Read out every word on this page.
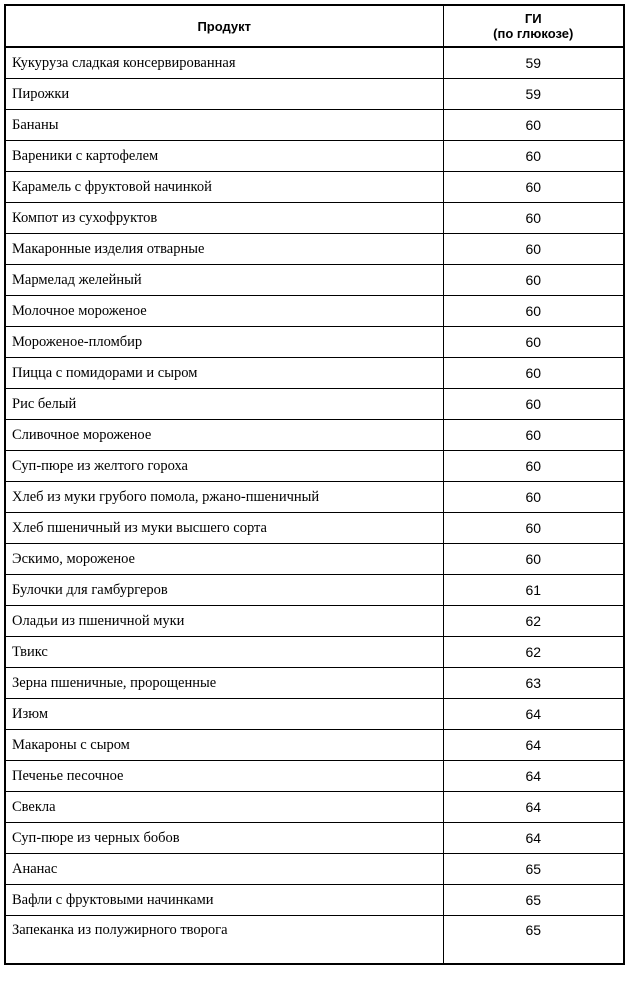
Продукт	ГИ
(по глюкозе)

Кукуруза сладкая консервированная	59
Пирожки	59
Бананы	60
Вареники с картофелем	60
Карамель с фруктовой начинкой	60
Компот из сухофруктов	60
Макаронные изделия отварные	60
Мармелад желейный	60
Молочное мороженое	60
Мороженое-пломбир	60
Пицца с помидорами и сыром	60
Рис белый	60
Сливочное мороженое	60
Суп-пюре из желтого гороха	60
Хлеб из муки грубого помола, ржано-пшеничный	60
Хлеб пшеничный из муки высшего сорта	60
Эскимо, мороженое	60
Булочки для гамбургеров	61
Оладьи из пшеничной муки	62
Твикс	62
Зерна пшеничные, пророщенные	63
Изюм	64
Макароны с сыром	64
Печенье песочное	64
Свекла	64
Суп-пюре из черных бобов	64
Ананас	65
Вафли с фруктовыми начинками	65
Запеканка из полужирного творога	65
